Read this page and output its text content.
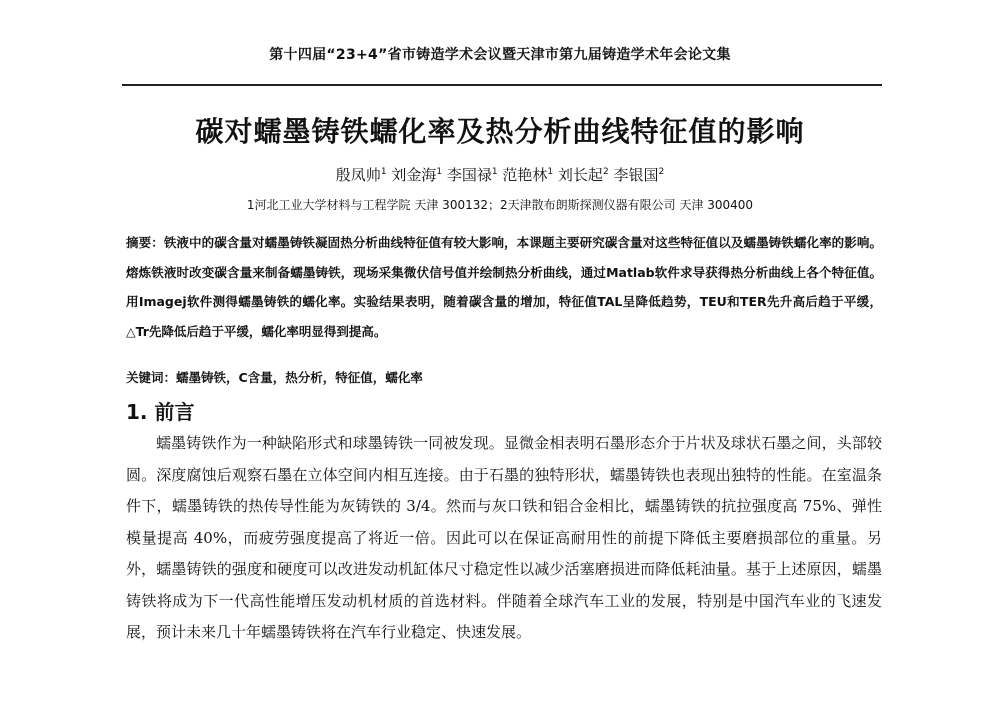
第十四届“23+4”省市铸造学术会议暨天津市第九届铸造学术年会论文集
碳对蠕墨铸铁蠕化率及热分析曲线特征值的影响
殷凤帅$^1$ 刘金海$^1$ 李国禄$^1$ 范艳林$^1$ 刘长起$^2$ 李银国$^2$
1河北工业大学材料与工程学院 天津 300132；2天津散布朗斯探测仪器有限公司 天津 300400
摘要：铁液中的碳含量对蠕墨铸铁凝固热分析曲线特征值有较大影响，本课题主要研究碳含量对这些特征值以及蠕墨铸铁蠕化率的影响。熔炼铁液时改变碳含量来制备蠕墨铸铁，现场采集微伏信号值并绘制热分析曲线，通过Matlab软件求导获得热分析曲线上各个特征值。用Imagej软件测得蠕墨铸铁的蠕化率。实验结果表明，随着碳含量的增加，特征值TAL呈降低趋势，TEU和TER先升高后趋于平缓，△Tr先降低后趋于平缓，蠕化率明显得到提高。
关键词：蠕墨铸铁，C含量，热分析，特征值，蠕化率
1. 前言
蠕墨铸铁作为一种缺陷形式和球墨铸铁一同被发现。显微金相表明石墨形态介于片状及球状石墨之间，头部较圆。深度腐蚀后观察石墨在立体空间内相互连接。由于石墨的独特形状，蠕墨铸铁也表现出独特的性能。在室温条件下，蠕墨铸铁的热传导性能为灰铸铁的 3/4。然而与灰口铁和铝合金相比，蠕墨铸铁的抗拉强度高 75%、弹性模量提高 40%，而疲劳强度提高了将近一倍。因此可以在保证高耐用性的前提下降低主要磨损部位的重量。另外，蠕墨铸铁的强度和硬度可以改进发动机缸体尺寸稳定性以减少活塞磨损进而降低耗油量。基于上述原因，蠕墨铸铁将成为下一代高性能增压发动机材质的首选材料。伴随着全球汽车工业的发展，特别是中国汽车业的飞速发展，预计未来几十年蠕墨铸铁将在汽车行业稳定、快速发展。
